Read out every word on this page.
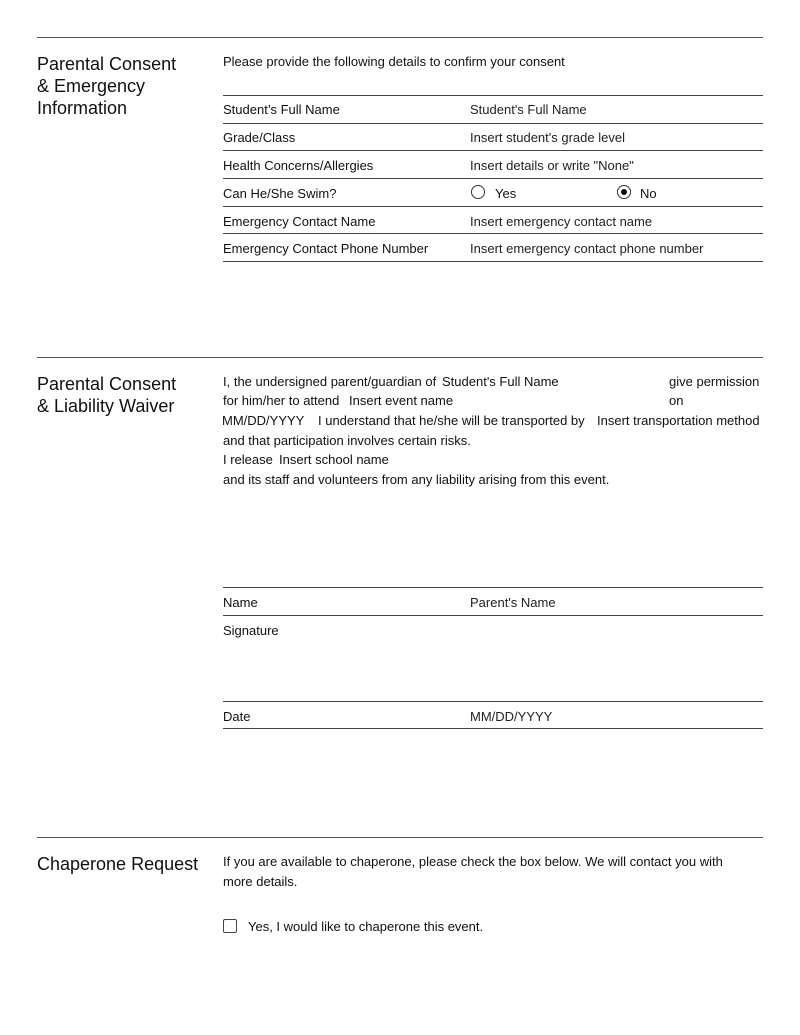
Parental Consent
& Emergency
Information
Please provide the following details to confirm your consent
Student’s Full Name	Student's Full Name
Grade/Class	Insert student's grade level
Health Concerns/Allergies	Insert details or write "None"
Can He/She Swim?	Yes	No
Emergency Contact Name	Insert emergency contact name
Emergency Contact Phone Number	Insert emergency contact phone number
Parental Consent
& Liability Waiver
I, the undersigned parent/guardian of Student's Full Name	give permission
for him/her to attend Insert event name	on
MM/DD/YYYY I understand that he/she will be transported by Insert transportation method
and that participation involves certain risks.
I release Insert school name
and its staff and volunteers from any liability arising from this event.
Name	Parent's Name
Signature
Date	MM/DD/YYYY
Chaperone Request	If you are available to chaperone, please check the box below. We will contact you with
more details.
Yes, I would like to chaperone this event.
